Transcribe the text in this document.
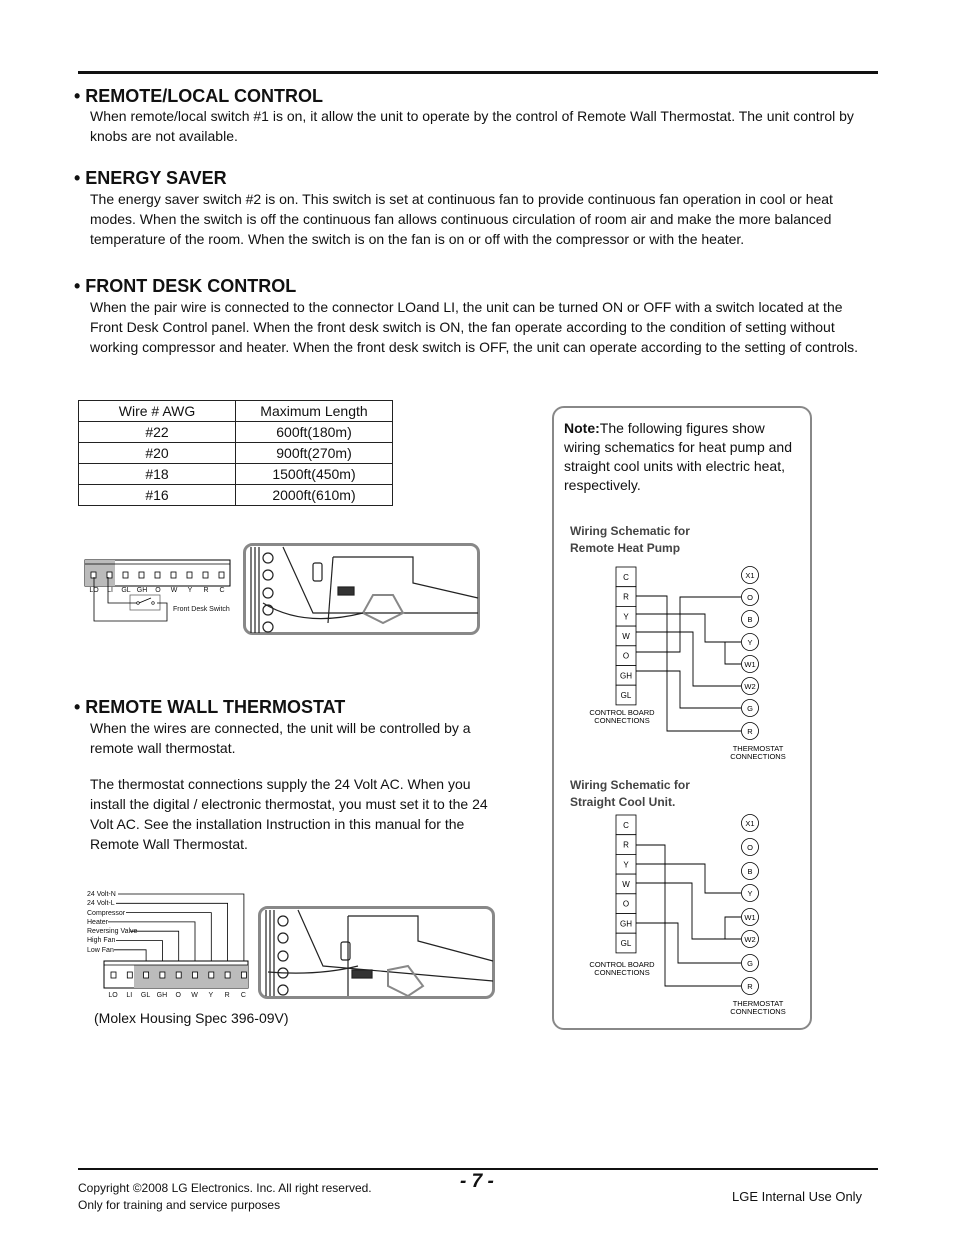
• REMOTE/LOCAL CONTROL
When remote/local switch #1 is on, it allow the unit to operate by the control of Remote Wall Thermostat. The unit control by knobs are not available.
• ENERGY SAVER
The energy saver switch #2 is on. This switch is set at continuous fan to provide continuous fan operation in cool or heat modes. When the switch is off the continuous fan allows continuous circulation of room air and make the more balanced temperature of the room. When the switch is on the fan is on or off with the compressor or with the heater.
• FRONT DESK CONTROL
When the pair wire is connected to the connector LOand LI, the unit can be turned ON or OFF with a switch located at the Front Desk Control panel. When the front desk switch is ON, the fan operate according to the condition of setting without working compressor and heater. When the front desk switch is OFF, the unit can operate according to the setting of controls.
Wire # AWG	Maximum Length
#22	600ft(180m)
#20	900ft(270m)
#18	1500ft(450m)
#16	2000ft(610m)
Front Desk Switch
LO LI GL GH O W Y R C
• REMOTE WALL THERMOSTAT
When the wires are connected, the unit will be controlled by a remote wall thermostat.
The thermostat connections supply the 24 Volt AC. When you install the digital / electronic thermostat, you must set it to the 24 Volt AC. See the installation Instruction in this manual for the Remote Wall Thermostat.
24 Volt-N
24 Volt-L
Compressor
Heater
Reversing Valve
High Fan
Low Fan
LO LI GL GH O W Y R C
(Molex Housing Spec 396-09V)
Note:The following figures show wiring schematics for heat pump and straight cool units with electric heat, respectively.
Wiring Schematic for
Remote Heat Pump
C
R
Y
W
O
GH
GL
X1
O
B
Y
W1
W2
G
R
CONTROL BOARD
CONNECTIONS
THERMOSTAT
CONNECTIONS
C
R
Y
W
O
GH
GL
X1
O
B
Y
W1
W2
G
R
CONTROL BOARD
CONNECTIONS
THERMOSTAT
CONNECTIONS
Wiring Schematic for
Straight Cool Unit.
- 7 -
Copyright ©2008 LG Electronics. Inc. All right reserved.
Only for training and service purposes
LGE Internal Use Only
